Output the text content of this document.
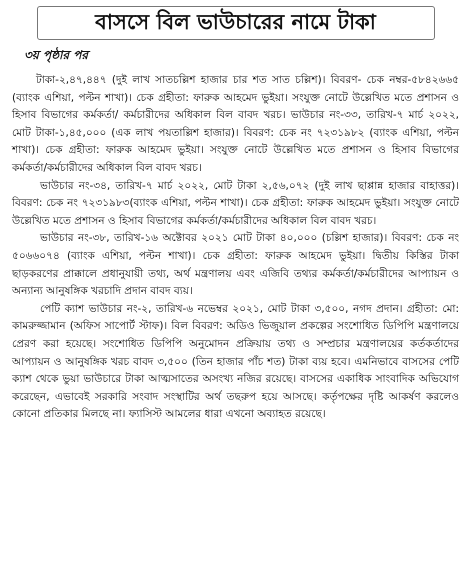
বাসসে বিল ভাউচারের নামে টাকা
৩য় পৃষ্ঠার পর

টাকা-২,৪৭,৪৪৭ (দুই লাখ সাতচল্লিশ হাজার চার শত সাত চল্লিশ)। বিবরণ- চেক নম্বর-৫৮৪২৬৬৫ (ব্যাংক এশিয়া, পল্টন শাখা)। চেক গ্রহীতা: ফারুক আহমেদ ভুইয়া। সংযুক্ত নোটে উল্লেখিত মতে প্রশাসন ও হিসাব বিভাগের কর্মকর্তা/ কর্মচারীদের অধিকাল বিল বাবদ খরচ। ভাউচার নং-৩৩, তারিখ-৭ মার্চ ২০২২, মোট টাকা-১,৪৫,০০০ (এক লাখ পয়তাল্লিশ হাজার)। বিবরণ: চেক নং ৭২৩১৯৮২ (ব্যাংক এশিয়া, পল্টন শাখা)। চেক গ্রহীতা: ফারুক আহমেদ ভুইয়া। সংযুক্ত নোটে উল্লেখিত মতে প্রশাসন ও হিসাব বিভাগের কর্মকর্তা/কর্মচারীদের অধিকাল বিল বাবদ খরচ।

ভাউচার নং-৩৪, তারিখ-৭ মার্চ ২০২২, মোট টাকা ২,৫৬,০৭২ (দুই লাখ ছাপ্পান্ন হাজার বাহাত্তর)। বিবরণ: চেক নং ৭২৩১৯৮৩(ব্যাংক এশিয়া, পল্টন শাখা)। চেক গ্রহীতা: ফারুক আহমেদ ভুইয়া। সংযুক্ত নোটে উল্লেখিত মতে প্রশাসন ও হিসাব বিভাগের কর্মকর্তা/কর্মচারীদের অধিকাল বিল বাবদ খরচ।

ভাউচার নং-৩৮, তারিখ-১৬ অক্টোবর ২০২১ মোট টাকা ৪০,০০০ (চল্লিশ হাজার)। বিবরণ: চেক নং ৫০৬৬০৭৪ (ব্যাংক এশিয়া, পল্টন শাখা)। চেক গ্রহীতা: ফারুক আহমেদ ভুইয়া। দ্বিতীয় কিস্তির টাকা ছাড়করণের প্রাক্কালে প্রধানুযায়ী তথ্য, অর্থ মন্ত্রণালয় এবং এজিবি তথ্যর কর্মকর্তা/কর্মচারীদের আপ্যায়ন ও অন্যান্য আনুষঙ্গিক খরচাদি প্রদান বাবদ ব্যয়।

পেটি ক্যাশ ভাউচার নং-২, তারিখ-৬ নভেম্বর ২০২১, মোট টাকা ৩,৫০০, নগদ প্রদান। গ্রহীতা: মো: কামরুজ্জামান (অফিস সাপোর্ট স্টাফ)। বিল বিবরণ: অডিও ভিজুয়াল প্রকল্পের সংশোধিত ডিপিপি মন্ত্রণালয়ে প্রেরণ করা হয়েছে। সংশোধিত ডিপিপি অনুমোদন প্রক্রিয়ায় তথ্য ও সম্প্রচার মন্ত্রণালয়ের কর্তকর্তাদের আপ্যায়ন ও আনুষঙ্গিক খরচ বাবদ ৩,৫০০ (তিন হাজার পাঁচ শত) টাকা ব্যয় হবে। এমনিভাবে বাসসের পেটি ক্যাশ থেকে ভুয়া ভাউচারে টাকা আত্মসাতের অসংখ্য নজির রয়েছে। বাসসের একাধিক সাংবাদিক অভিযোগ করেছেন, এভাবেই সরকারি সংবাদ সংস্থাটির অর্থ তছরুপ হয়ে আসছে। কর্তৃপক্ষের দৃষ্টি আকর্ষণ করলেও কোনো প্রতিকার মিলছে না। ফ্যাসিস্ট আমলের ধারা এখনো অব্যাহত রয়েছে।
